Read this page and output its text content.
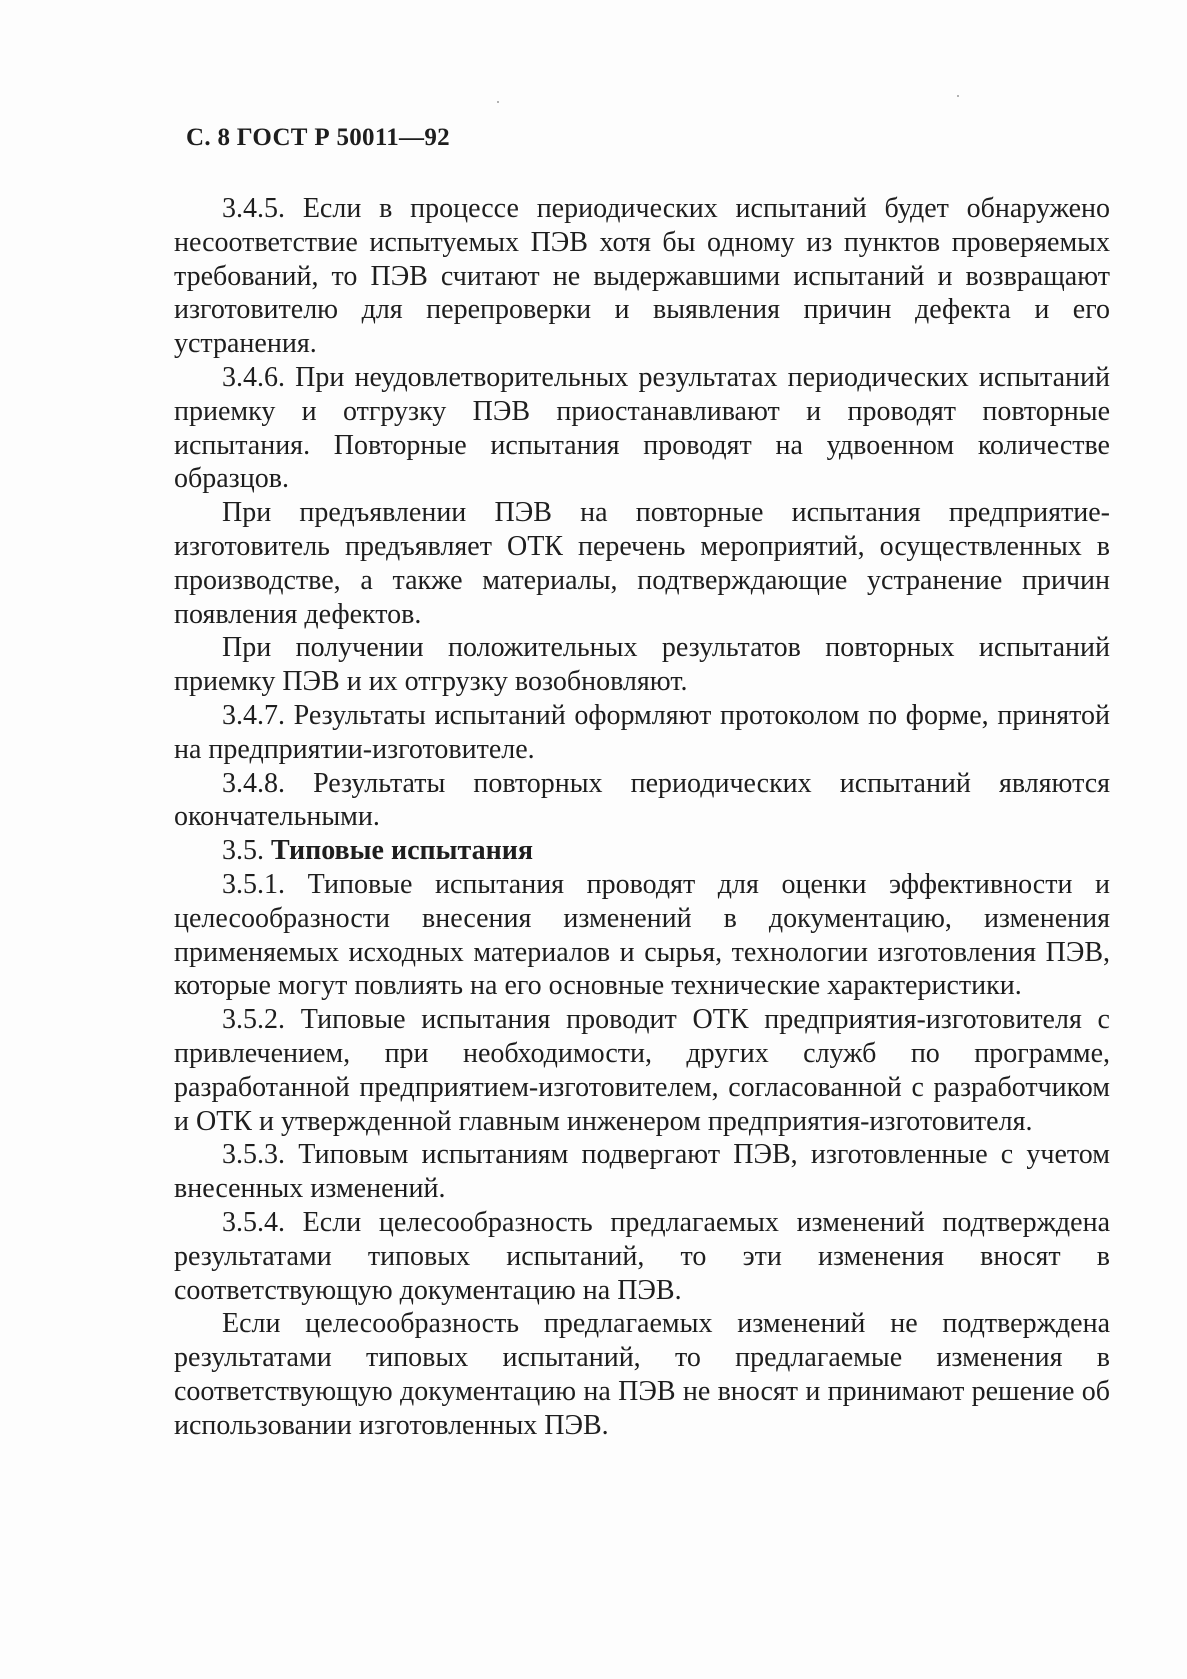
С. 8 ГОСТ Р 50011—92

3.4.5. Если в процессе периодических испытаний будет обнаружено несоответствие испытуемых ПЭВ хотя бы одному из пунктов проверяемых требований, то ПЭВ считают не выдержавшими испытаний и возвращают изготовителю для перепроверки и выявления причин дефекта и его устранения.

3.4.6. При неудовлетворительных результатах периодических испытаний приемку и отгрузку ПЭВ приостанавливают и проводят повторные испытания. Повторные испытания проводят на удвоенном количестве образцов.

При предъявлении ПЭВ на повторные испытания предприятие-изготовитель предъявляет ОТК перечень мероприятий, осуществленных в производстве, а также материалы, подтверждающие устранение причин появления дефектов.

При получении положительных результатов повторных испытаний приемку ПЭВ и их отгрузку возобновляют.

3.4.7. Результаты испытаний оформляют протоколом по форме, принятой на предприятии-изготовителе.

3.4.8. Результаты повторных периодических испытаний являются окончательными.

3.5. Типовые испытания

3.5.1. Типовые испытания проводят для оценки эффективности и целесообразности внесения изменений в документацию, изменения применяемых исходных материалов и сырья, технологии изготовления ПЭВ, которые могут повлиять на его основные технические характеристики.

3.5.2. Типовые испытания проводит ОТК предприятия-изготовителя с привлечением, при необходимости, других служб по программе, разработанной предприятием-изготовителем, согласованной с разработчиком и ОТК и утвержденной главным инженером предприятия-изготовителя.

3.5.3. Типовым испытаниям подвергают ПЭВ, изготовленные с учетом внесенных изменений.

3.5.4. Если целесообразность предлагаемых изменений подтверждена результатами типовых испытаний, то эти изменения вносят в соответствующую документацию на ПЭВ.

Если целесообразность предлагаемых изменений не подтверждена результатами типовых испытаний, то предлагаемые изменения в соответствующую документацию на ПЭВ не вносят и принимают решение об использовании изготовленных ПЭВ.
